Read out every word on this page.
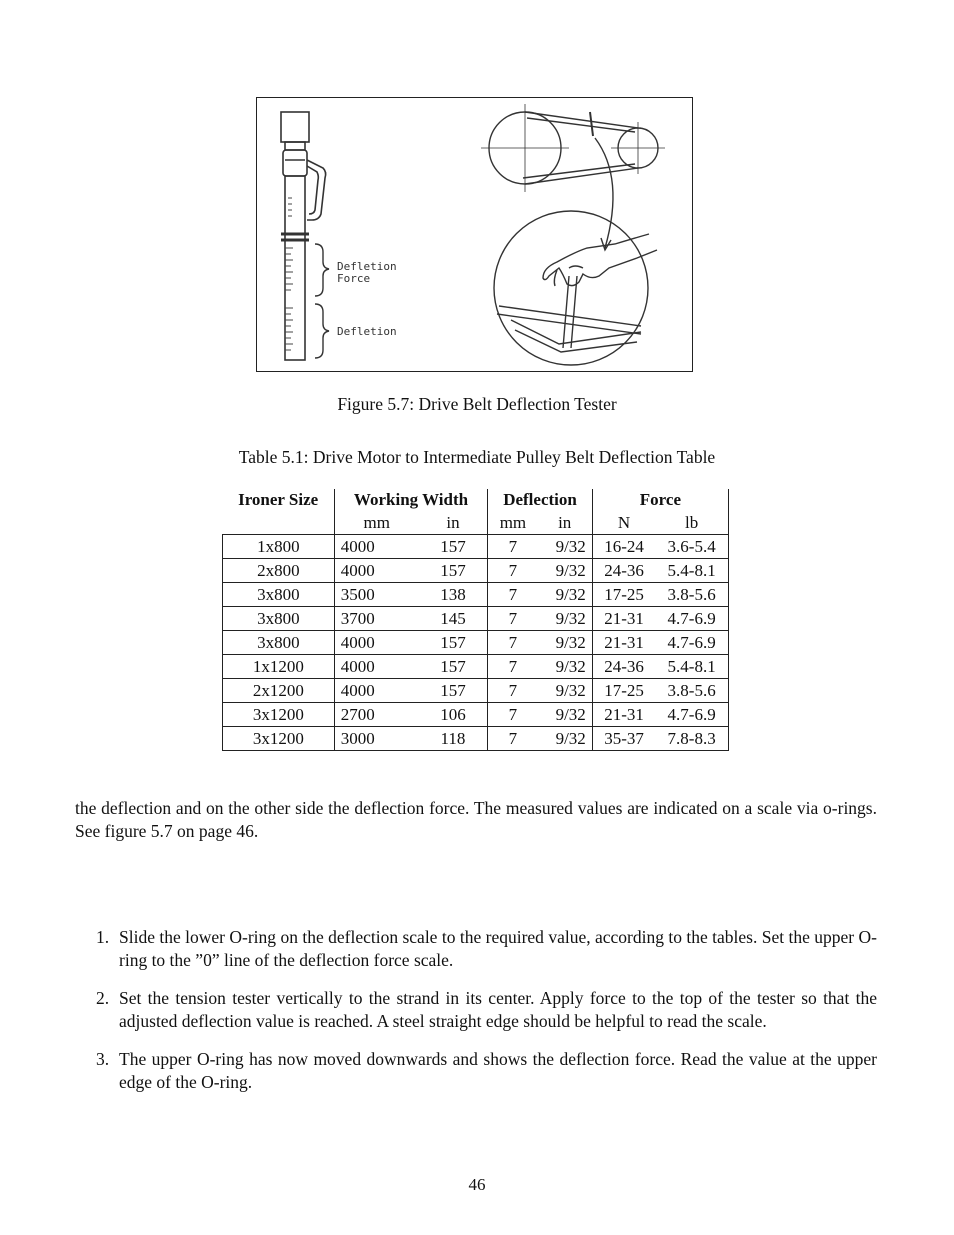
Defletion
Force
Defletion
Figure 5.7: Drive Belt Deflection Tester
Table 5.1: Drive Motor to Intermediate Pulley Belt Deflection Table
Ironer Size	Working Width		Deflection		Force	
	mm	in	mm	in	N	lb
1x800	4000	157	7	9/32	16-24	3.6-5.4
2x800	4000	157	7	9/32	24-36	5.4-8.1
3x800	3500	138	7	9/32	17-25	3.8-5.6
3x800	3700	145	7	9/32	21-31	4.7-6.9
3x800	4000	157	7	9/32	21-31	4.7-6.9
1x1200	4000	157	7	9/32	24-36	5.4-8.1
2x1200	4000	157	7	9/32	17-25	3.8-5.6
3x1200	2700	106	7	9/32	21-31	4.7-6.9
3x1200	3000	118	7	9/32	35-37	7.8-8.3
the deflection and on the other side the deflection force. The measured values are indicated on a scale via o-rings. See figure 5.7 on page 46.
1. Slide the lower O-ring on the deflection scale to the required value, according to the tables. Set the upper O-ring to the ”0” line of the deflection force scale.
2. Set the tension tester vertically to the strand in its center. Apply force to the top of the tester so that the adjusted deflection value is reached. A steel straight edge should be helpful to read the scale.
3. The upper O-ring has now moved downwards and shows the deflection force. Read the value at the upper edge of the O-ring.
46
